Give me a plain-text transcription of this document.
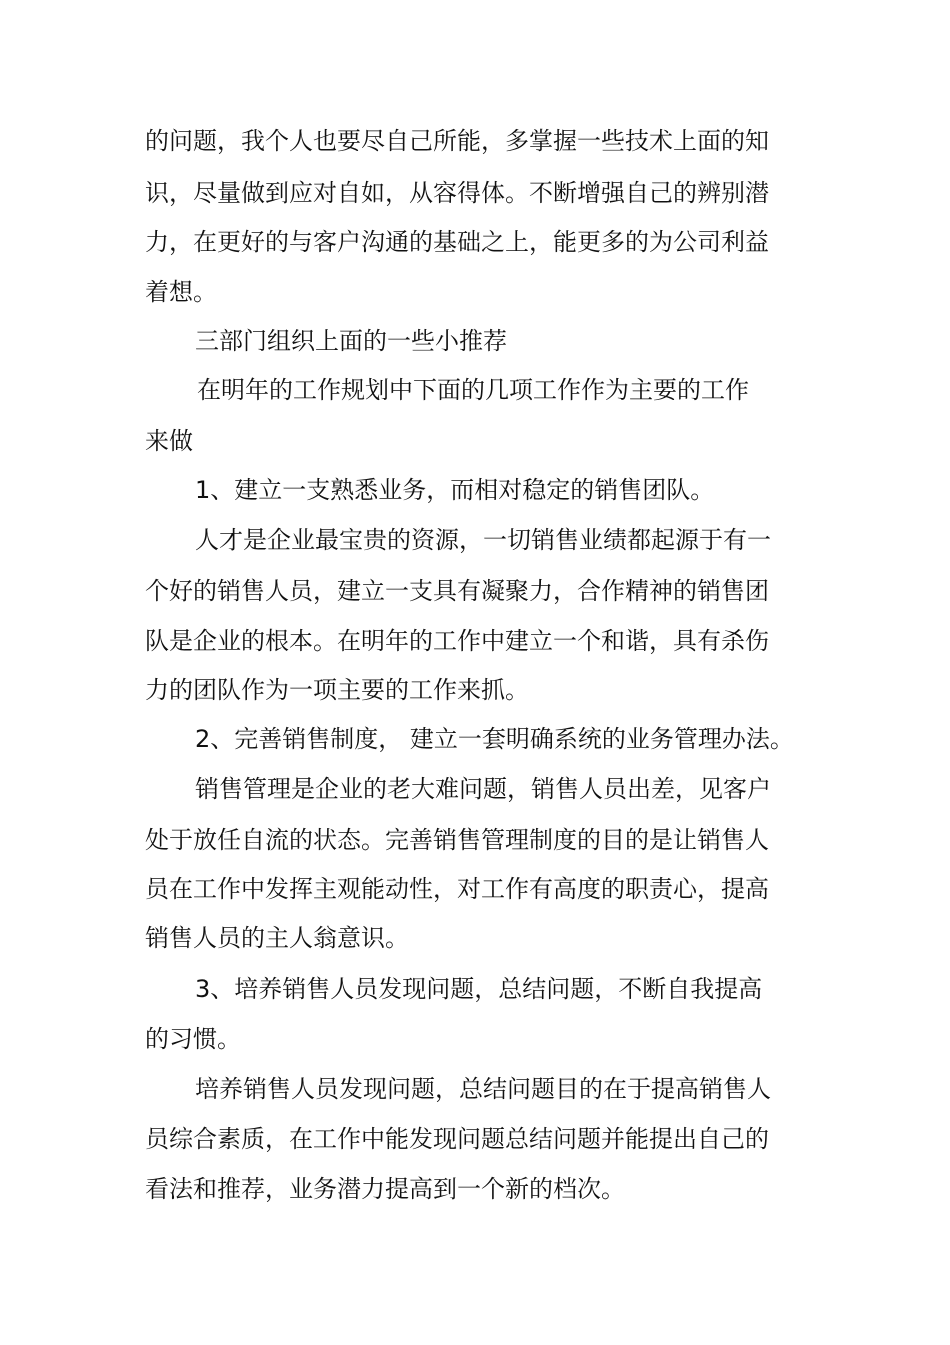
的问题，我个人也要尽自己所能，多掌握一些技术上面的知
识，尽量做到应对自如，从容得体。不断增强自己的辨别潜
力，在更好的与客户沟通的基础之上，能更多的为公司利益
着想。
三部门组织上面的一些小推荐
在明年的工作规划中下面的几项工作作为主要的工作
来做
1、建立一支熟悉业务，而相对稳定的销售团队。
人才是企业最宝贵的资源，一切销售业绩都起源于有一
个好的销售人员，建立一支具有凝聚力，合作精神的销售团
队是企业的根本。在明年的工作中建立一个和谐，具有杀伤
力的团队作为一项主要的工作来抓。
2、完善销售制度， 建立一套明确系统的业务管理办法。
销售管理是企业的老大难问题，销售人员出差，见客户
处于放任自流的状态。完善销售管理制度的目的是让销售人
员在工作中发挥主观能动性，对工作有高度的职责心，提高
销售人员的主人翁意识。
3、培养销售人员发现问题，总结问题，不断自我提高
的习惯。
培养销售人员发现问题，总结问题目的在于提高销售人
员综合素质，在工作中能发现问题总结问题并能提出自己的
看法和推荐，业务潜力提高到一个新的档次。
